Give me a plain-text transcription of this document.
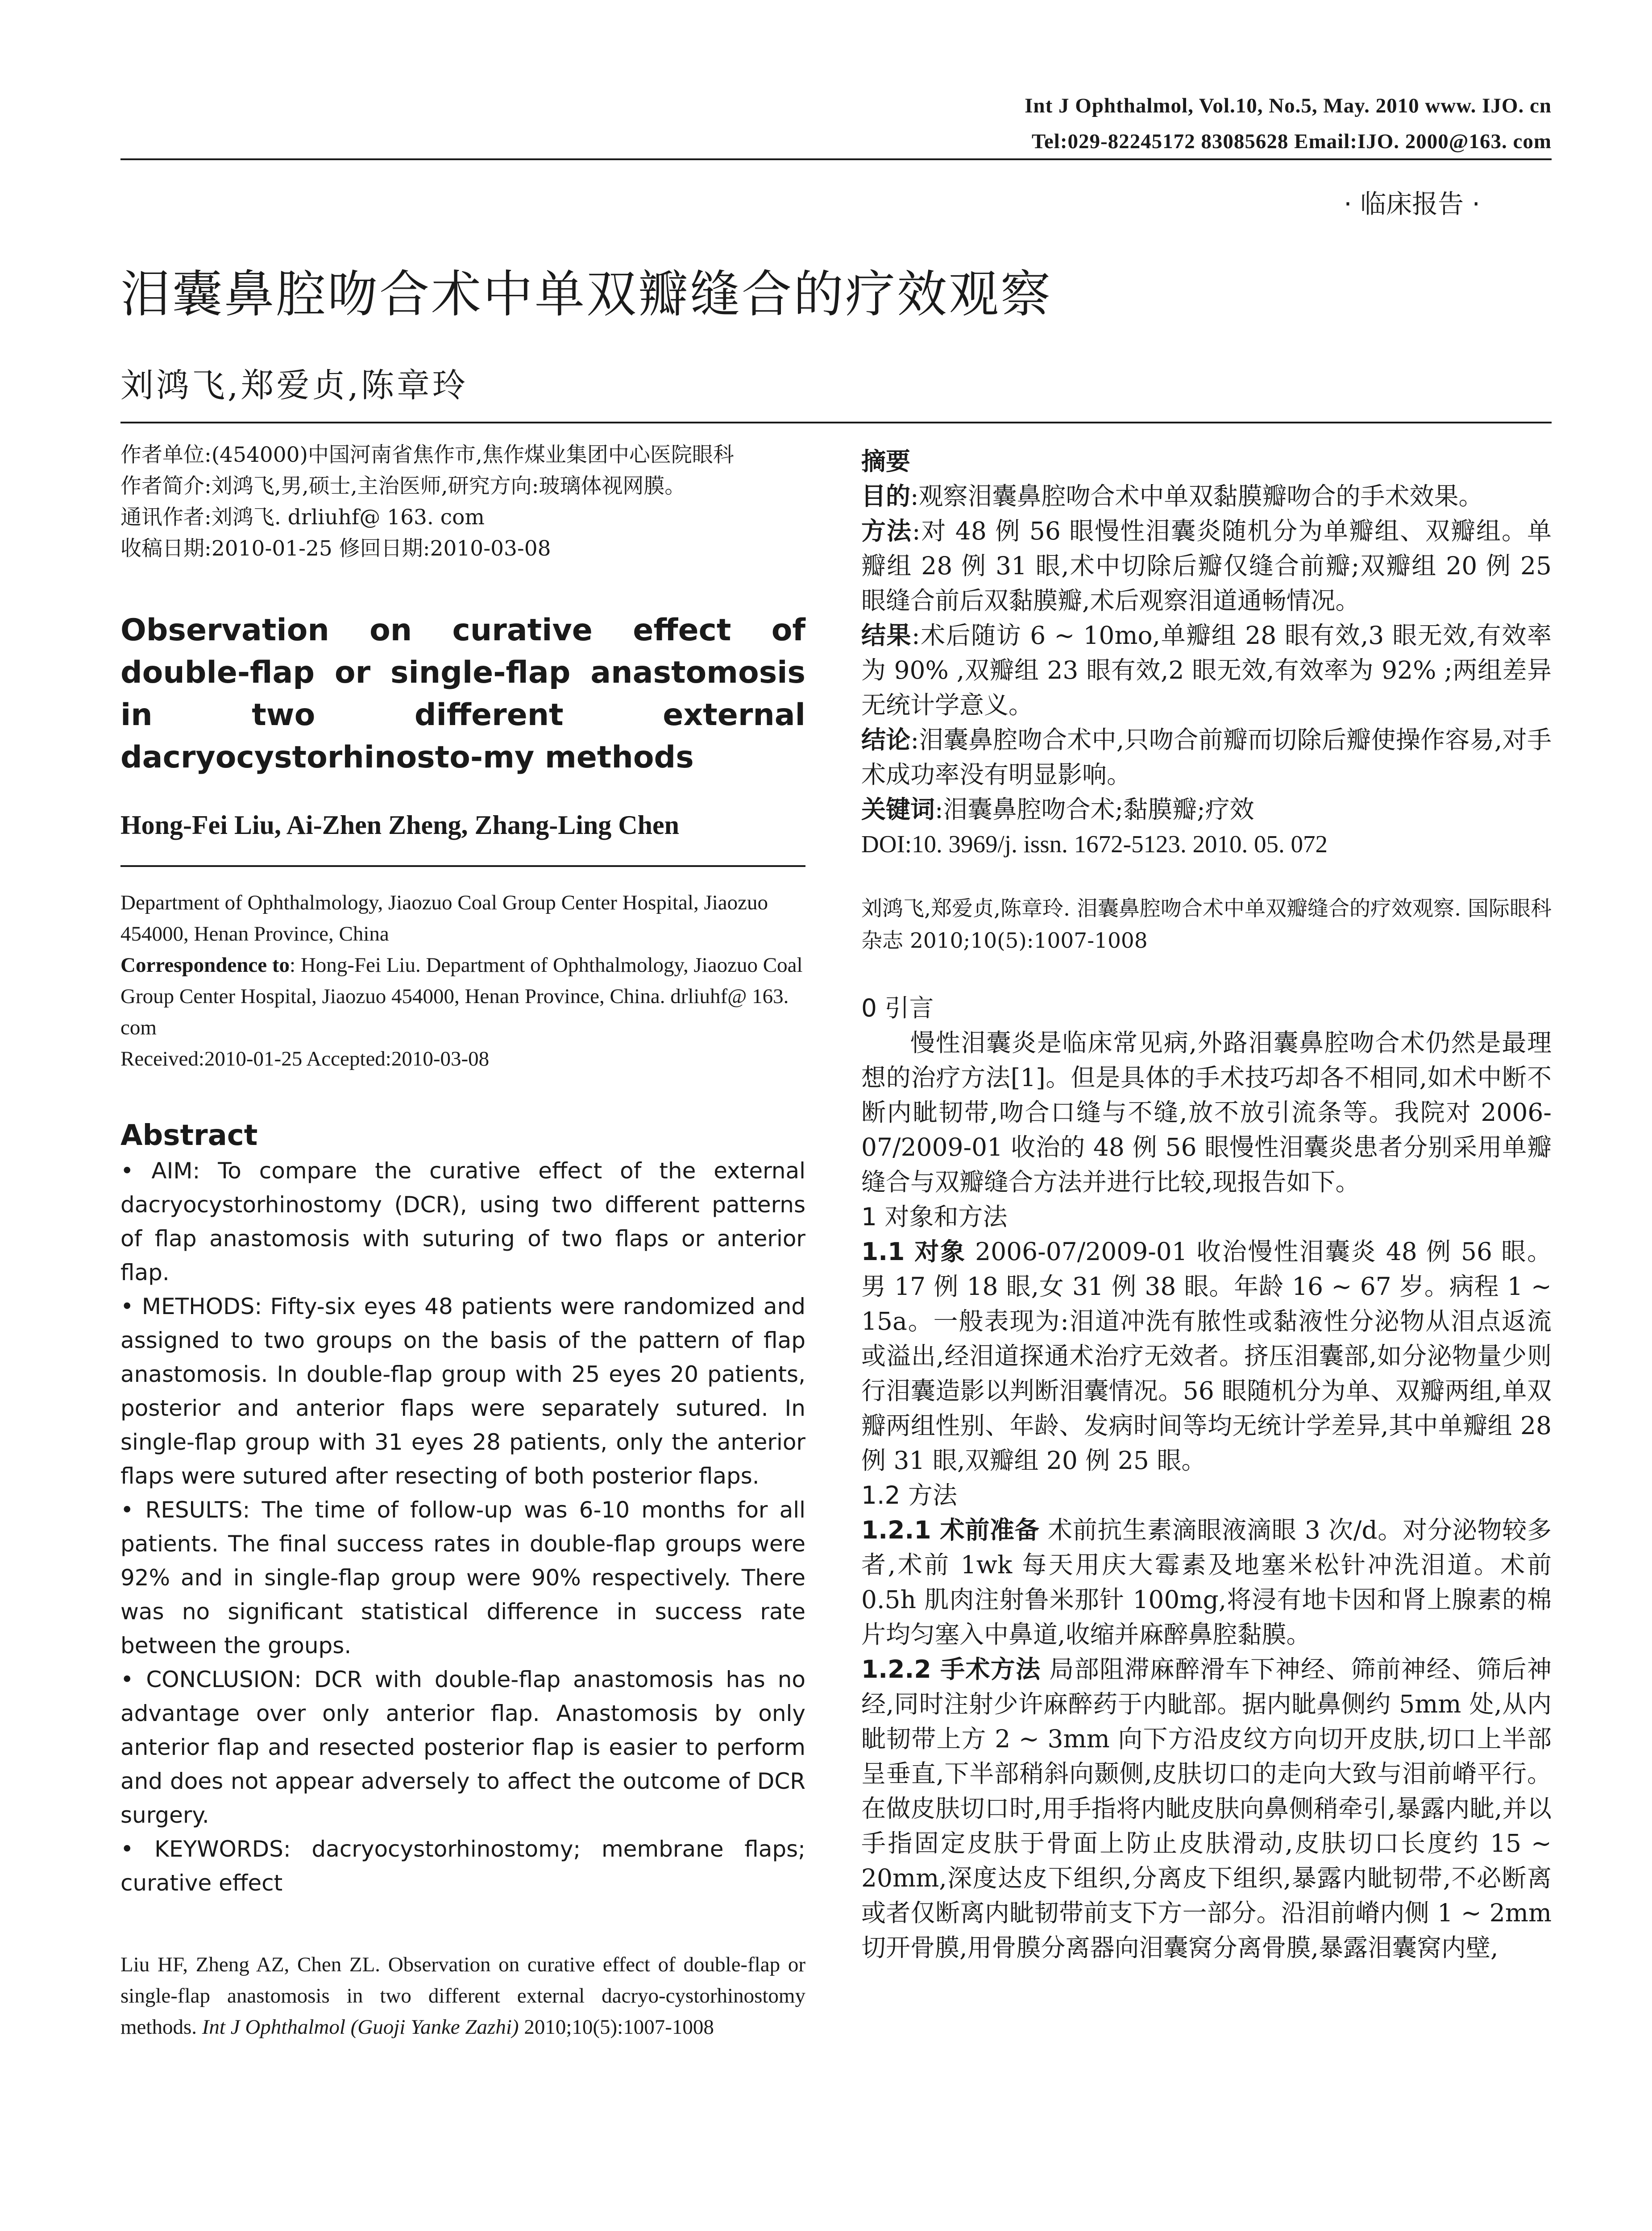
Int J Ophthalmol, Vol.10, No.5, May. 2010 www. IJO. cn
Tel:029-82245172 83085628 Email:IJO. 2000@163. com
· 临床报告 ·
泪囊鼻腔吻合术中单双瓣缝合的疗效观察
刘鸿飞,郑爱贞,陈章玲

作者单位:(454000)中国河南省焦作市,焦作煤业集团中心医院眼科

作者简介:刘鸿飞,男,硕士,主治医师,研究方向:玻璃体视网膜。

通讯作者:刘鸿飞. drliuhf@ 163. com

收稿日期:2010-01-25 修回日期:2010-03-08

Observation on curative effect of double-flap or single-flap anastomosis in two different external dacryocystorhinosto-my methods
Hong-Fei Liu, Ai-Zhen Zheng, Zhang-Ling Chen

Department of Ophthalmology, Jiaozuo Coal Group Center Hospital, Jiaozuo 454000, Henan Province, China

Correspondence to: Hong-Fei Liu. Department of Ophthalmology, Jiaozuo Coal Group Center Hospital, Jiaozuo 454000, Henan Province, China. drliuhf@ 163. com

Received:2010-01-25 Accepted:2010-03-08

Abstract

• AIM: To compare the curative effect of the external dacryocystorhinostomy (DCR), using two different patterns of flap anastomosis with suturing of two flaps or anterior flap.

• METHODS: Fifty-six eyes 48 patients were randomized and assigned to two groups on the basis of the pattern of flap anastomosis. In double-flap group with 25 eyes 20 patients, posterior and anterior flaps were separately sutured. In single-flap group with 31 eyes 28 patients, only the anterior flaps were sutured after resecting of both posterior flaps.

• RESULTS: The time of follow-up was 6-10 months for all patients. The final success rates in double-flap groups were 92% and in single-flap group were 90% respectively. There was no significant statistical difference in success rate between the groups.

• CONCLUSION: DCR with double-flap anastomosis has no advantage over only anterior flap. Anastomosis by only anterior flap and resected posterior flap is easier to perform and does not appear adversely to affect the outcome of DCR surgery.

• KEYWORDS: dacryocystorhinostomy; membrane flaps; curative effect

Liu HF, Zheng AZ, Chen ZL. Observation on curative effect of double-flap or single-flap anastomosis in two different external dacryo-cystorhinostomy methods. Int J Ophthalmol (Guoji Yanke Zazhi) 2010;10(5):1007-1008

摘要

目的:观察泪囊鼻腔吻合术中单双黏膜瓣吻合的手术效果。

方法:对 48 例 56 眼慢性泪囊炎随机分为单瓣组、双瓣组。单瓣组 28 例 31 眼,术中切除后瓣仅缝合前瓣;双瓣组 20 例 25 眼缝合前后双黏膜瓣,术后观察泪道通畅情况。

结果:术后随访 6 ~ 10mo,单瓣组 28 眼有效,3 眼无效,有效率为 90% ,双瓣组 23 眼有效,2 眼无效,有效率为 92% ;两组差异无统计学意义。

结论:泪囊鼻腔吻合术中,只吻合前瓣而切除后瓣使操作容易,对手术成功率没有明显影响。

关键词:泪囊鼻腔吻合术;黏膜瓣;疗效

DOI:10. 3969/j. issn. 1672-5123. 2010. 05. 072

刘鸿飞,郑爱贞,陈章玲. 泪囊鼻腔吻合术中单双瓣缝合的疗效观察. 国际眼科杂志 2010;10(5):1007-1008

0 引言

慢性泪囊炎是临床常见病,外路泪囊鼻腔吻合术仍然是最理想的治疗方法[1]。但是具体的手术技巧却各不相同,如术中断不断内眦韧带,吻合口缝与不缝,放不放引流条等。我院对 2006-07/2009-01 收治的 48 例 56 眼慢性泪囊炎患者分别采用单瓣缝合与双瓣缝合方法并进行比较,现报告如下。

1 对象和方法

1.1 对象 2006-07/2009-01 收治慢性泪囊炎 48 例 56 眼。男 17 例 18 眼,女 31 例 38 眼。年龄 16 ~ 67 岁。病程 1 ~ 15a。一般表现为:泪道冲洗有脓性或黏液性分泌物从泪点返流或溢出,经泪道探通术治疗无效者。挤压泪囊部,如分泌物量少则行泪囊造影以判断泪囊情况。56 眼随机分为单、双瓣两组,单双瓣两组性别、年龄、发病时间等均无统计学差异,其中单瓣组 28 例 31 眼,双瓣组 20 例 25 眼。

1.2 方法

1.2.1 术前准备 术前抗生素滴眼液滴眼 3 次/d。对分泌物较多者,术前 1wk 每天用庆大霉素及地塞米松针冲洗泪道。术前 0.5h 肌肉注射鲁米那针 100mg,将浸有地卡因和肾上腺素的棉片均匀塞入中鼻道,收缩并麻醉鼻腔黏膜。

1.2.2 手术方法 局部阻滞麻醉滑车下神经、筛前神经、筛后神经,同时注射少许麻醉药于内眦部。据内眦鼻侧约 5mm 处,从内眦韧带上方 2 ~ 3mm 向下方沿皮纹方向切开皮肤,切口上半部呈垂直,下半部稍斜向颞侧,皮肤切口的走向大致与泪前嵴平行。在做皮肤切口时,用手指将内眦皮肤向鼻侧稍牵引,暴露内眦,并以手指固定皮肤于骨面上防止皮肤滑动,皮肤切口长度约 15 ~ 20mm,深度达皮下组织,分离皮下组织,暴露内眦韧带,不必断离或者仅断离内眦韧带前支下方一部分。沿泪前嵴内侧 1 ~ 2mm 切开骨膜,用骨膜分离器向泪囊窝分离骨膜,暴露泪囊窝内壁,
